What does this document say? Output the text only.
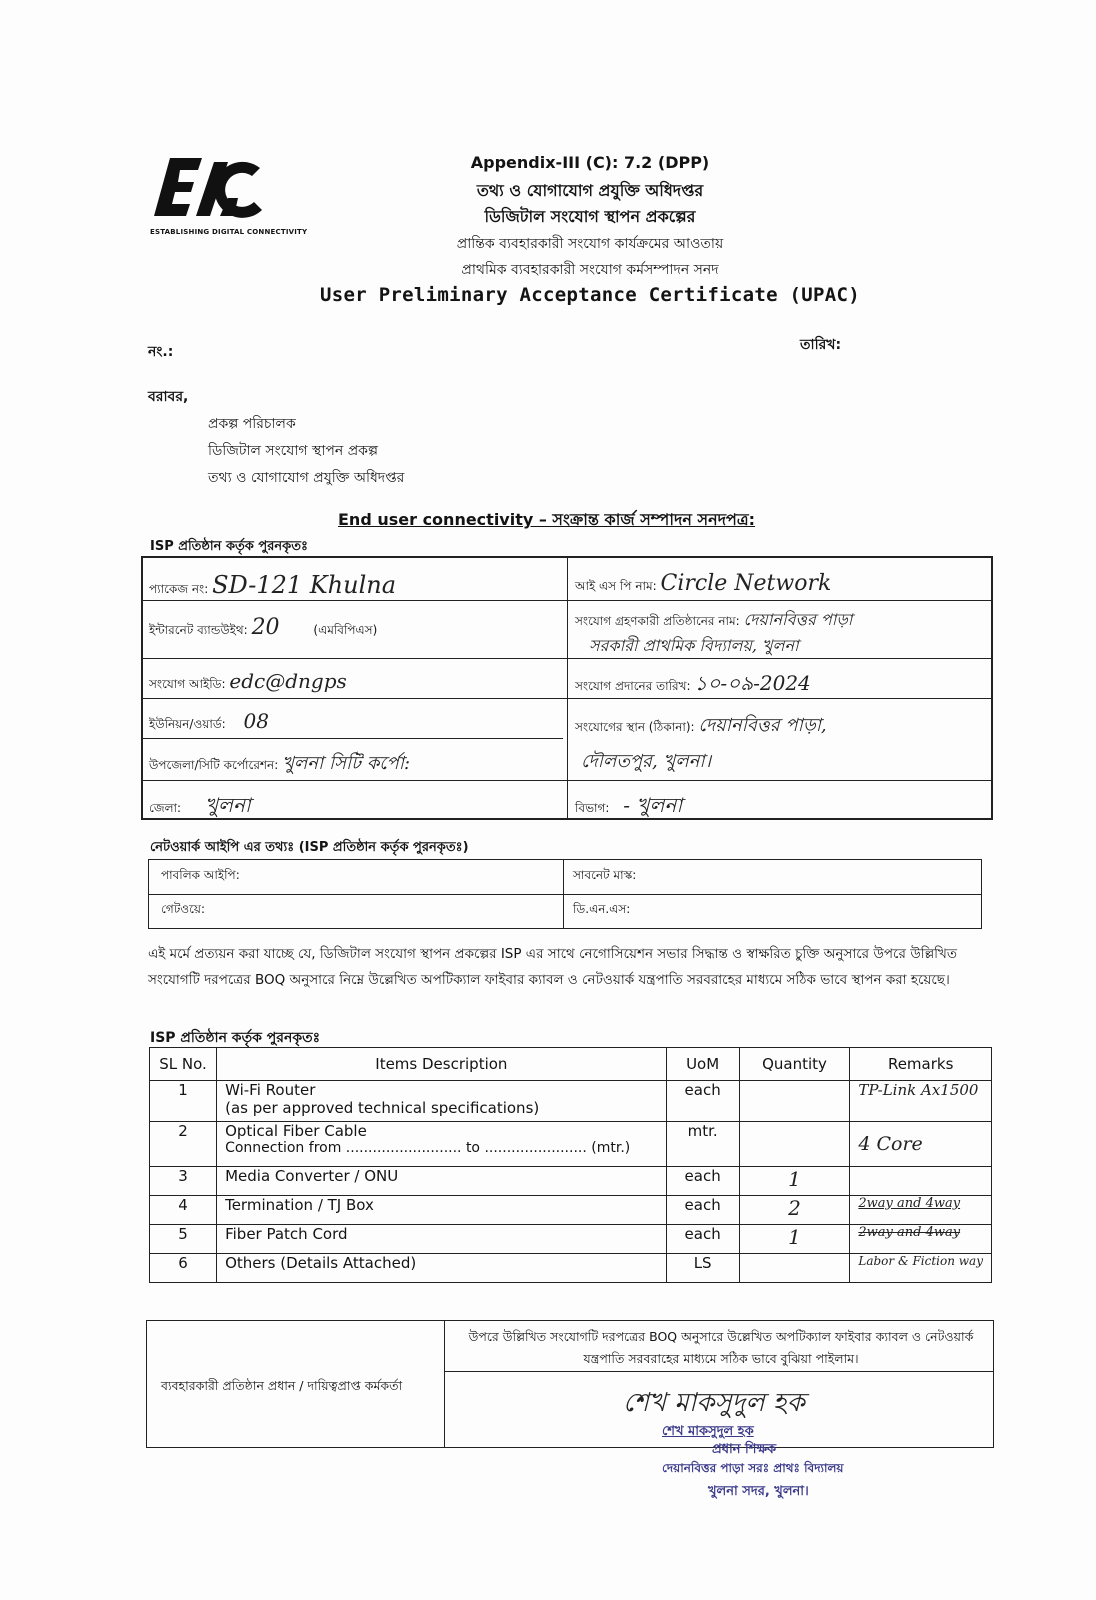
ESTABLISHING DIGITAL CONNECTIVITY
Appendix-III (C): 7.2 (DPP)
তথ্য ও যোগাযোগ প্রযুক্তি অধিদপ্তর
ডিজিটাল সংযোগ স্থাপন প্রকল্পের
প্রান্তিক ব্যবহারকারী সংযোগ কার্যক্রমের আওতায়
প্রাথমিক ব্যবহারকারী সংযোগ কর্মসম্পাদন সনদ
User Preliminary Acceptance Certificate (UPAC)
নং.:	তারিখ:
বরাবর,
প্রকল্প পরিচালক
ডিজিটাল সংযোগ স্থাপন প্রকল্প
তথ্য ও যোগাযোগ প্রযুক্তি অধিদপ্তর
End user connectivity – সংক্রান্ত কার্জ সম্পাদন সনদপত্র:
ISP প্রতিষ্ঠান কর্তৃক পুরনকৃতঃ
প্যাকেজ নং: SD-121 Khulna	আই এস পি নাম: Circle Network
ইন্টারনেট ব্যান্ডউইথ: 20	(এমবিপিএস)
সংযোগ গ্রহণকারী প্রতিষ্ঠানের নাম: দেয়ানবিত্তর পাড়া
সরকারী প্রাথমিক বিদ্যালয়, খুলনা
সংযোগ আইডি: edc@dngps	সংযোগ প্রদানের তারিখ: ১০-০৯-2024
ইউনিয়ন/ওয়ার্ড: 08	সংযোগের স্থান (ঠিকানা): দেয়ানবিত্তর পাড়া,
উপজেলা/সিটি কর্পোরেশন: খুলনা সিটি কর্পো:	দৌলতপুর, খুলনা।
জেলা: খুলনা	বিভাগ: - খুলনা
নেটওয়ার্ক আইপি এর তথ্যঃ (ISP প্রতিষ্ঠান কর্তৃক পুরনকৃতঃ)
পাবলিক আইপি:	সাবনেট মাস্ক:
গেটওয়ে:	ডি.এন.এস:
এই মর্মে প্রত্যয়ন করা যাচ্ছে যে, ডিজিটাল সংযোগ স্থাপন প্রকল্পের ISP এর সাথে নেগোসিয়েশন সভার সিদ্ধান্ত ও স্বাক্ষরিত চুক্তি অনুসারে উপরে উল্লিখিত সংযোগটি দরপত্রের BOQ অনুসারে নিম্নে উল্লেখিত অপটিক্যাল ফাইবার ক্যাবল ও নেটওয়ার্ক যন্ত্রপাতি সরবরাহের মাধ্যমে সঠিক ভাবে স্থাপন করা হয়েছে।
ISP প্রতিষ্ঠান কর্তৃক পুরনকৃতঃ
SL No.	Items Description	UoM	Quantity	Remarks
1	Wi-Fi Router
(as per approved technical specifications)	each		TP-Link Ax1500
2	Optical Fiber Cable
Connection from .......................... to ....................... (mtr.)	mtr.		4 Core
3	Media Converter / ONU	each	1	
4	Termination / TJ Box	each	2	2way and 4way
5	Fiber Patch Cord	each	1	2way and 4way
6	Others (Details Attached)	LS		Labor & Fiction way
ব্যবহারকারী প্রতিষ্ঠান প্রধান / দায়িত্বপ্রাপ্ত কর্মকর্তা
উপরে উল্লিখিত সংযোগটি দরপত্রের BOQ অনুসারে উল্লেখিত অপটিক্যাল ফাইবার ক্যাবল ও নেটওয়ার্ক যন্ত্রপাতি সরবরাহের মাধ্যমে সঠিক ভাবে বুঝিয়া পাইলাম।
শেখ মাকসুদুল হক
শেখ মাকসুদুল হক
প্রধান শিক্ষক
দেয়ানবিত্তর পাড়া সরঃ প্রাথঃ বিদ্যালয়
খুলনা সদর, খুলনা।
